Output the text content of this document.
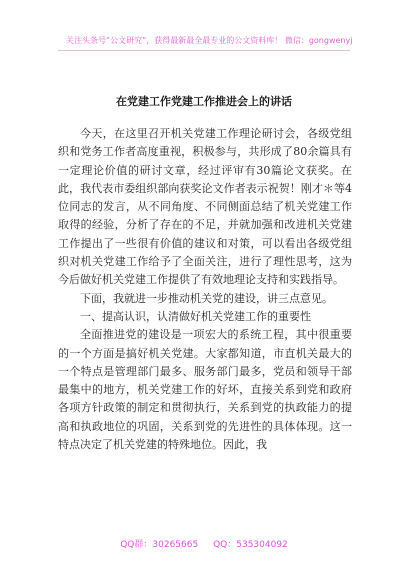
关注头条号“公文研究”，获得最新最全最专业的公文资料库！ 微信：gongwenyj
在党建工作党建工作推进会上的讲话

今天，在这里召开机关党建工作理论研讨会，各级党组织和党务工作者高度重视，积极参与，共形成了80余篇具有一定理论价值的研讨文章，经过评审有30篇论文获奖。在此，我代表市委组织部向获奖论文作者表示祝贺！刚才＊等4位同志的发言，从不同角度、不同侧面总结了机关党建工作取得的经验，分析了存在的不足，并就加强和改进机关党建工作提出了一些很有价值的建议和对策，可以看出各级党组织对机关党建工作给予了全面关注，进行了理性思考，这为今后做好机关党建工作提供了有效地理论支持和实践指导。

下面，我就进一步推动机关党的建设，讲三点意见。

一、提高认识，认清做好机关党建工作的重要性

全面推进党的建设是一项宏大的系统工程，其中很重要的一个方面是搞好机关党建。大家都知道，市直机关最大的一个特点是管理部门最多、服务部门最多，党员和领导干部最集中的地方，机关党建工作的好坏，直接关系到党和政府各项方针政策的制定和贯彻执行，关系到党的执政能力的提高和执政地位的巩固，关系到党的先进性的具体体现。这一特点决定了机关党建的特殊地位。因此，我

QQ群：30265665 QQ：535304092
